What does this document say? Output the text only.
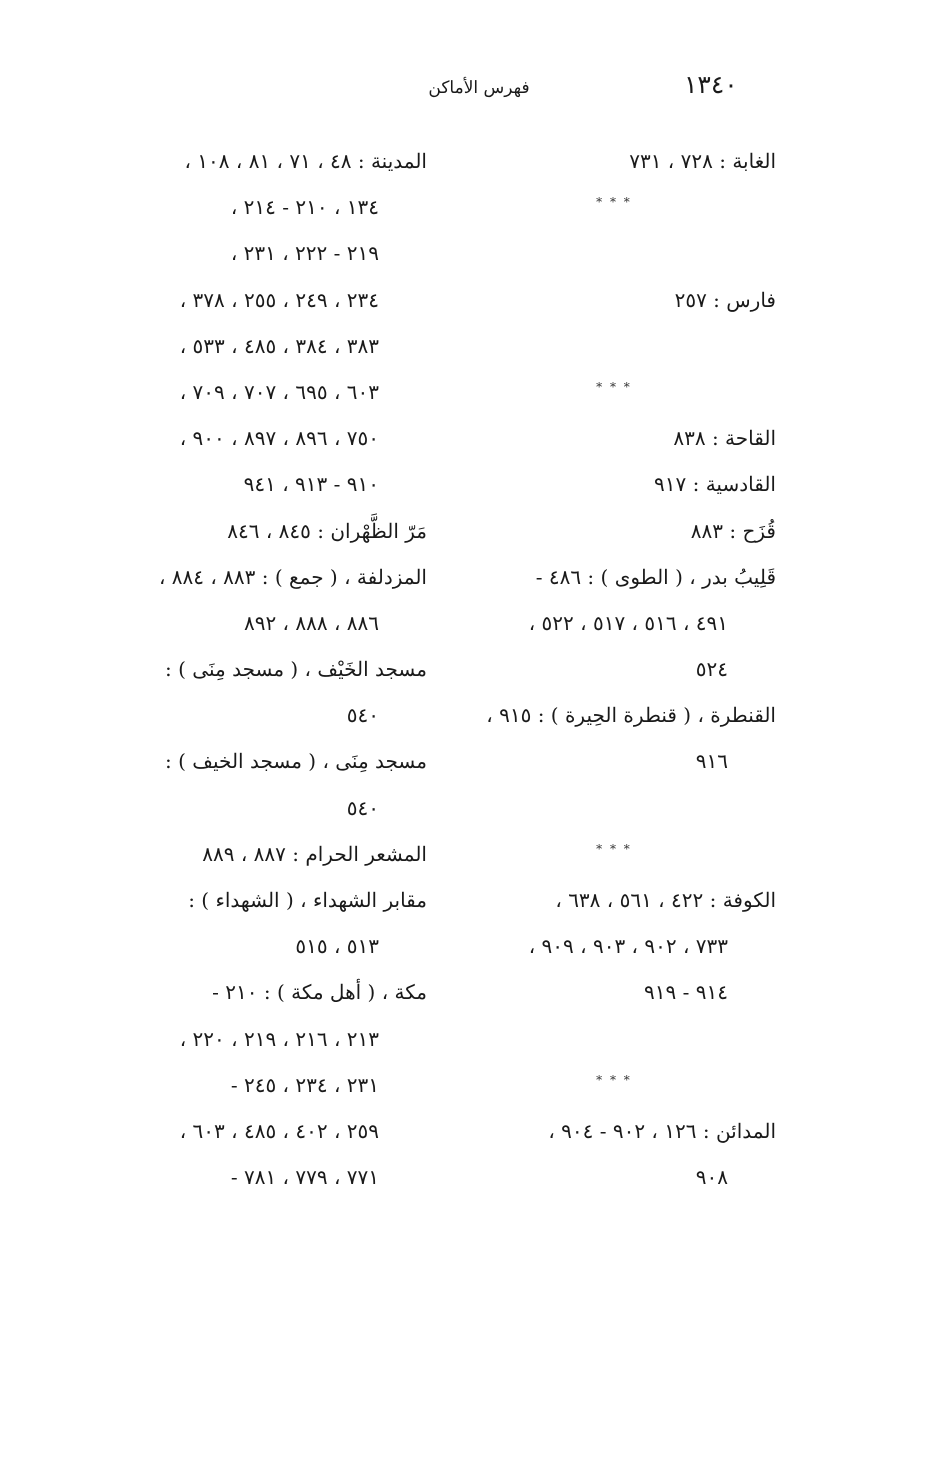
١٣٤٠
فهرس الأماكن
الغابة : ٧٢٨ ، ٧٣١
* * *
فارس : ٢٥٧
* * *
القاحة : ٨٣٨
القادسية : ٩١٧
قُزَح : ٨٨٣
قَلِيبُ بدر ، ( الطوى ) : ٤٨٦ -
٤٩١ ، ٥١٦ ، ٥١٧ ، ٥٢٢ ،
٥٢٤
القنطرة ، ( قنطرة الحِيرة ) : ٩١٥ ،
٩١٦
* * *
الكوفة : ٤٢٢ ، ٥٦١ ، ٦٣٨ ،
٧٣٣ ، ٩٠٢ ، ٩٠٣ ، ٩٠٩ ،
٩١٤ - ٩١٩
* * *
المدائن : ١٢٦ ، ٩٠٢ - ٩٠٤ ،
٩٠٨
المدينة : ٤٨ ، ٧١ ، ٨١ ، ١٠٨ ،
١٣٤ ، ٢١٠ - ٢١٤ ،
٢١٩ - ٢٢٢ ، ٢٣١ ،
٢٣٤ ، ٢٤٩ ، ٢٥٥ ، ٣٧٨ ،
٣٨٣ ، ٣٨٤ ، ٤٨٥ ، ٥٣٣ ،
٦٠٣ ، ٦٩٥ ، ٧٠٧ ، ٧٠٩ ،
٧٥٠ ، ٨٩٦ ، ٨٩٧ ، ٩٠٠ ،
٩١٠ - ٩١٣ ، ٩٤١
مَرّ الظَّهْران : ٨٤٥ ، ٨٤٦
المزدلفة ، ( جمع ) : ٨٨٣ ، ٨٨٤ ،
٨٨٦ ، ٨٨٨ ، ٨٩٢
مسجد الخَيْف ، ( مسجد مِنَى ) :
٥٤٠
مسجد مِنَى ، ( مسجد الخيف ) :
٥٤٠
المشعر الحرام : ٨٨٧ ، ٨٨٩
مقابر الشهداء ، ( الشهداء ) :
٥١٣ ، ٥١٥
مكة ، ( أهل مكة ) : ٢١٠ -
٢١٣ ، ٢١٦ ، ٢١٩ ، ٢٢٠ ،
٢٣١ ، ٢٣٤ ، ٢٤٥ -
٢٥٩ ، ٤٠٢ ، ٤٨٥ ، ٦٠٣ ،
٧٧١ ، ٧٧٩ ، ٧٨١ -
